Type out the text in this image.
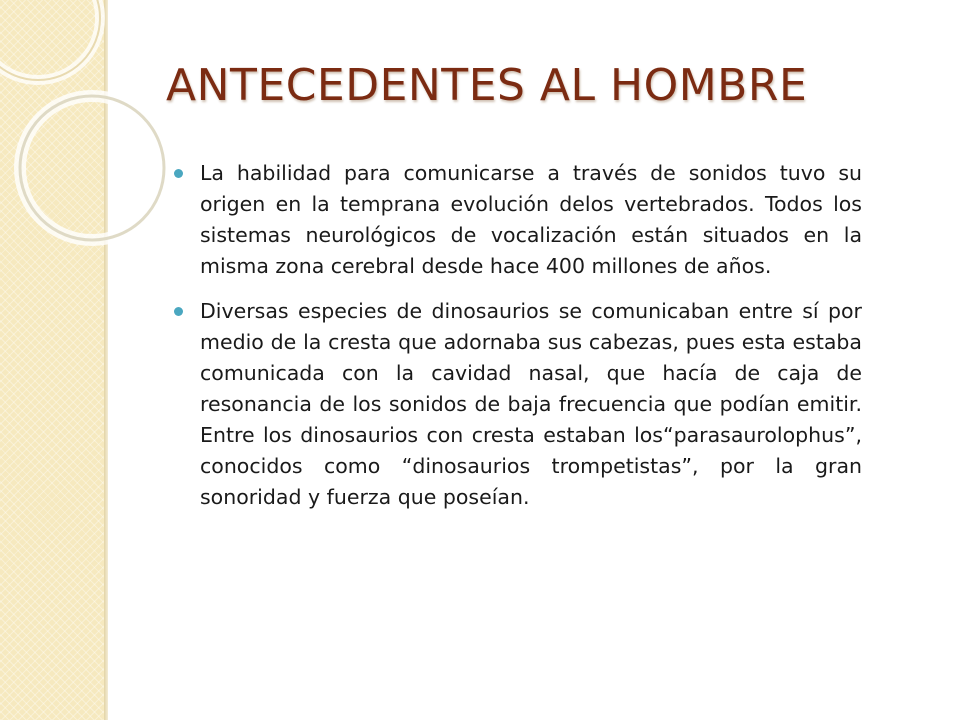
ANTECEDENTES AL HOMBRE
La habilidad para comunicarse a través de sonidos tuvo su origen en la temprana evolución delos vertebrados. Todos los sistemas neurológicos de vocalización están situados en la misma zona cerebral desde hace 400 millones de años.
Diversas especies de dinosaurios se comunicaban entre sí por medio de la cresta que adornaba sus cabezas, pues esta estaba comunicada con la cavidad nasal, que hacía de caja de resonancia de los sonidos de baja frecuencia que podían emitir. Entre los dinosaurios con cresta estaban los“parasaurolophus”, conocidos como “dinosaurios trompetistas”, por la gran sonoridad y fuerza que poseían.
